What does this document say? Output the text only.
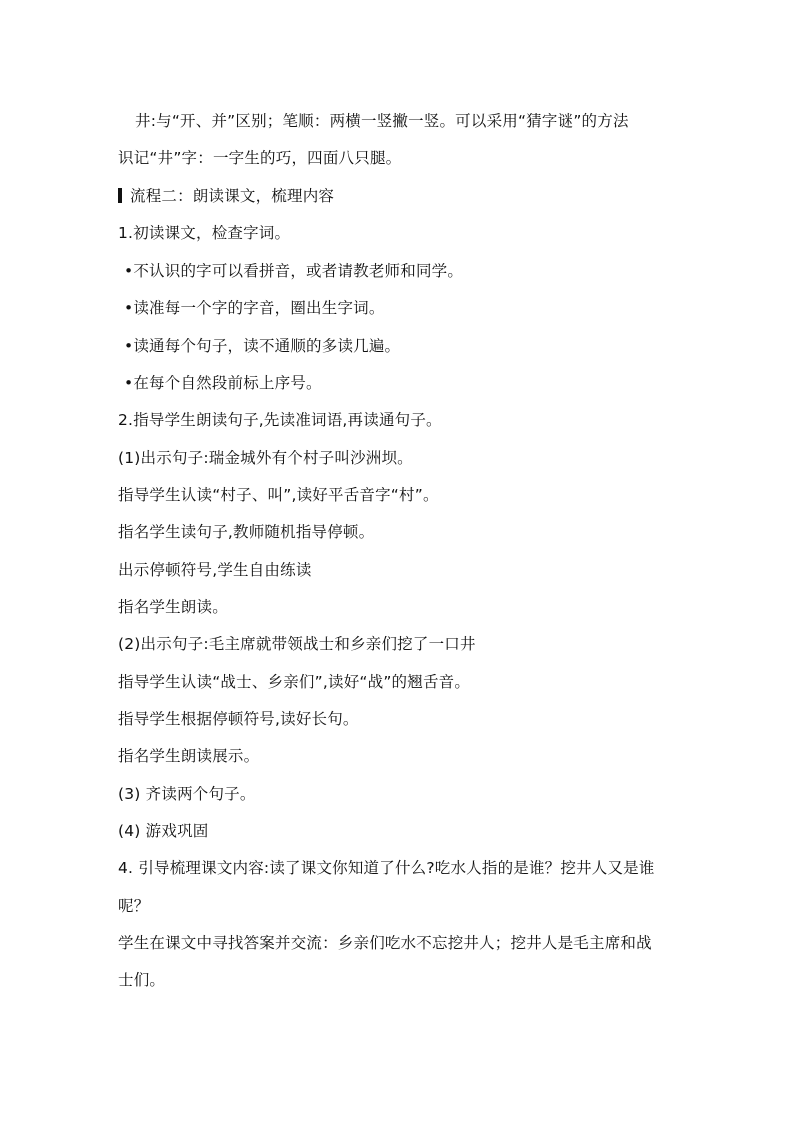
井:与“开、并”区别；笔顺：两横一竖撇一竖。可以采用“猜字谜”的方法
识记“井”字：一字生的巧，四面八只腿。
流程二：朗读课文，梳理内容
1.初读课文，检查字词。
•不认识的字可以看拼音，或者请教老师和同学。
•读准每一个字的字音，圈出生字词。
•读通每个句子，读不通顺的多读几遍。
•在每个自然段前标上序号。
2.指导学生朗读句子,先读准词语,再读通句子。
(1)出示句子:瑞金城外有个村子叫沙洲坝。
指导学生认读“村子、叫”,读好平舌音字“村”。
指名学生读句子,教师随机指导停顿。
出示停顿符号,学生自由练读
指名学生朗读。
(2)出示句子:毛主席就带领战士和乡亲们挖了一口井
指导学生认读“战士、乡亲们”,读好“战”的翘舌音。
指导学生根据停顿符号,读好长句。
指名学生朗读展示。
(3) 齐读两个句子。
(4) 游戏巩固
4. 引导梳理课文内容:读了课文你知道了什么?吃水人指的是谁？挖井人又是谁
呢？
学生在课文中寻找答案并交流：乡亲们吃水不忘挖井人；挖井人是毛主席和战
士们。
